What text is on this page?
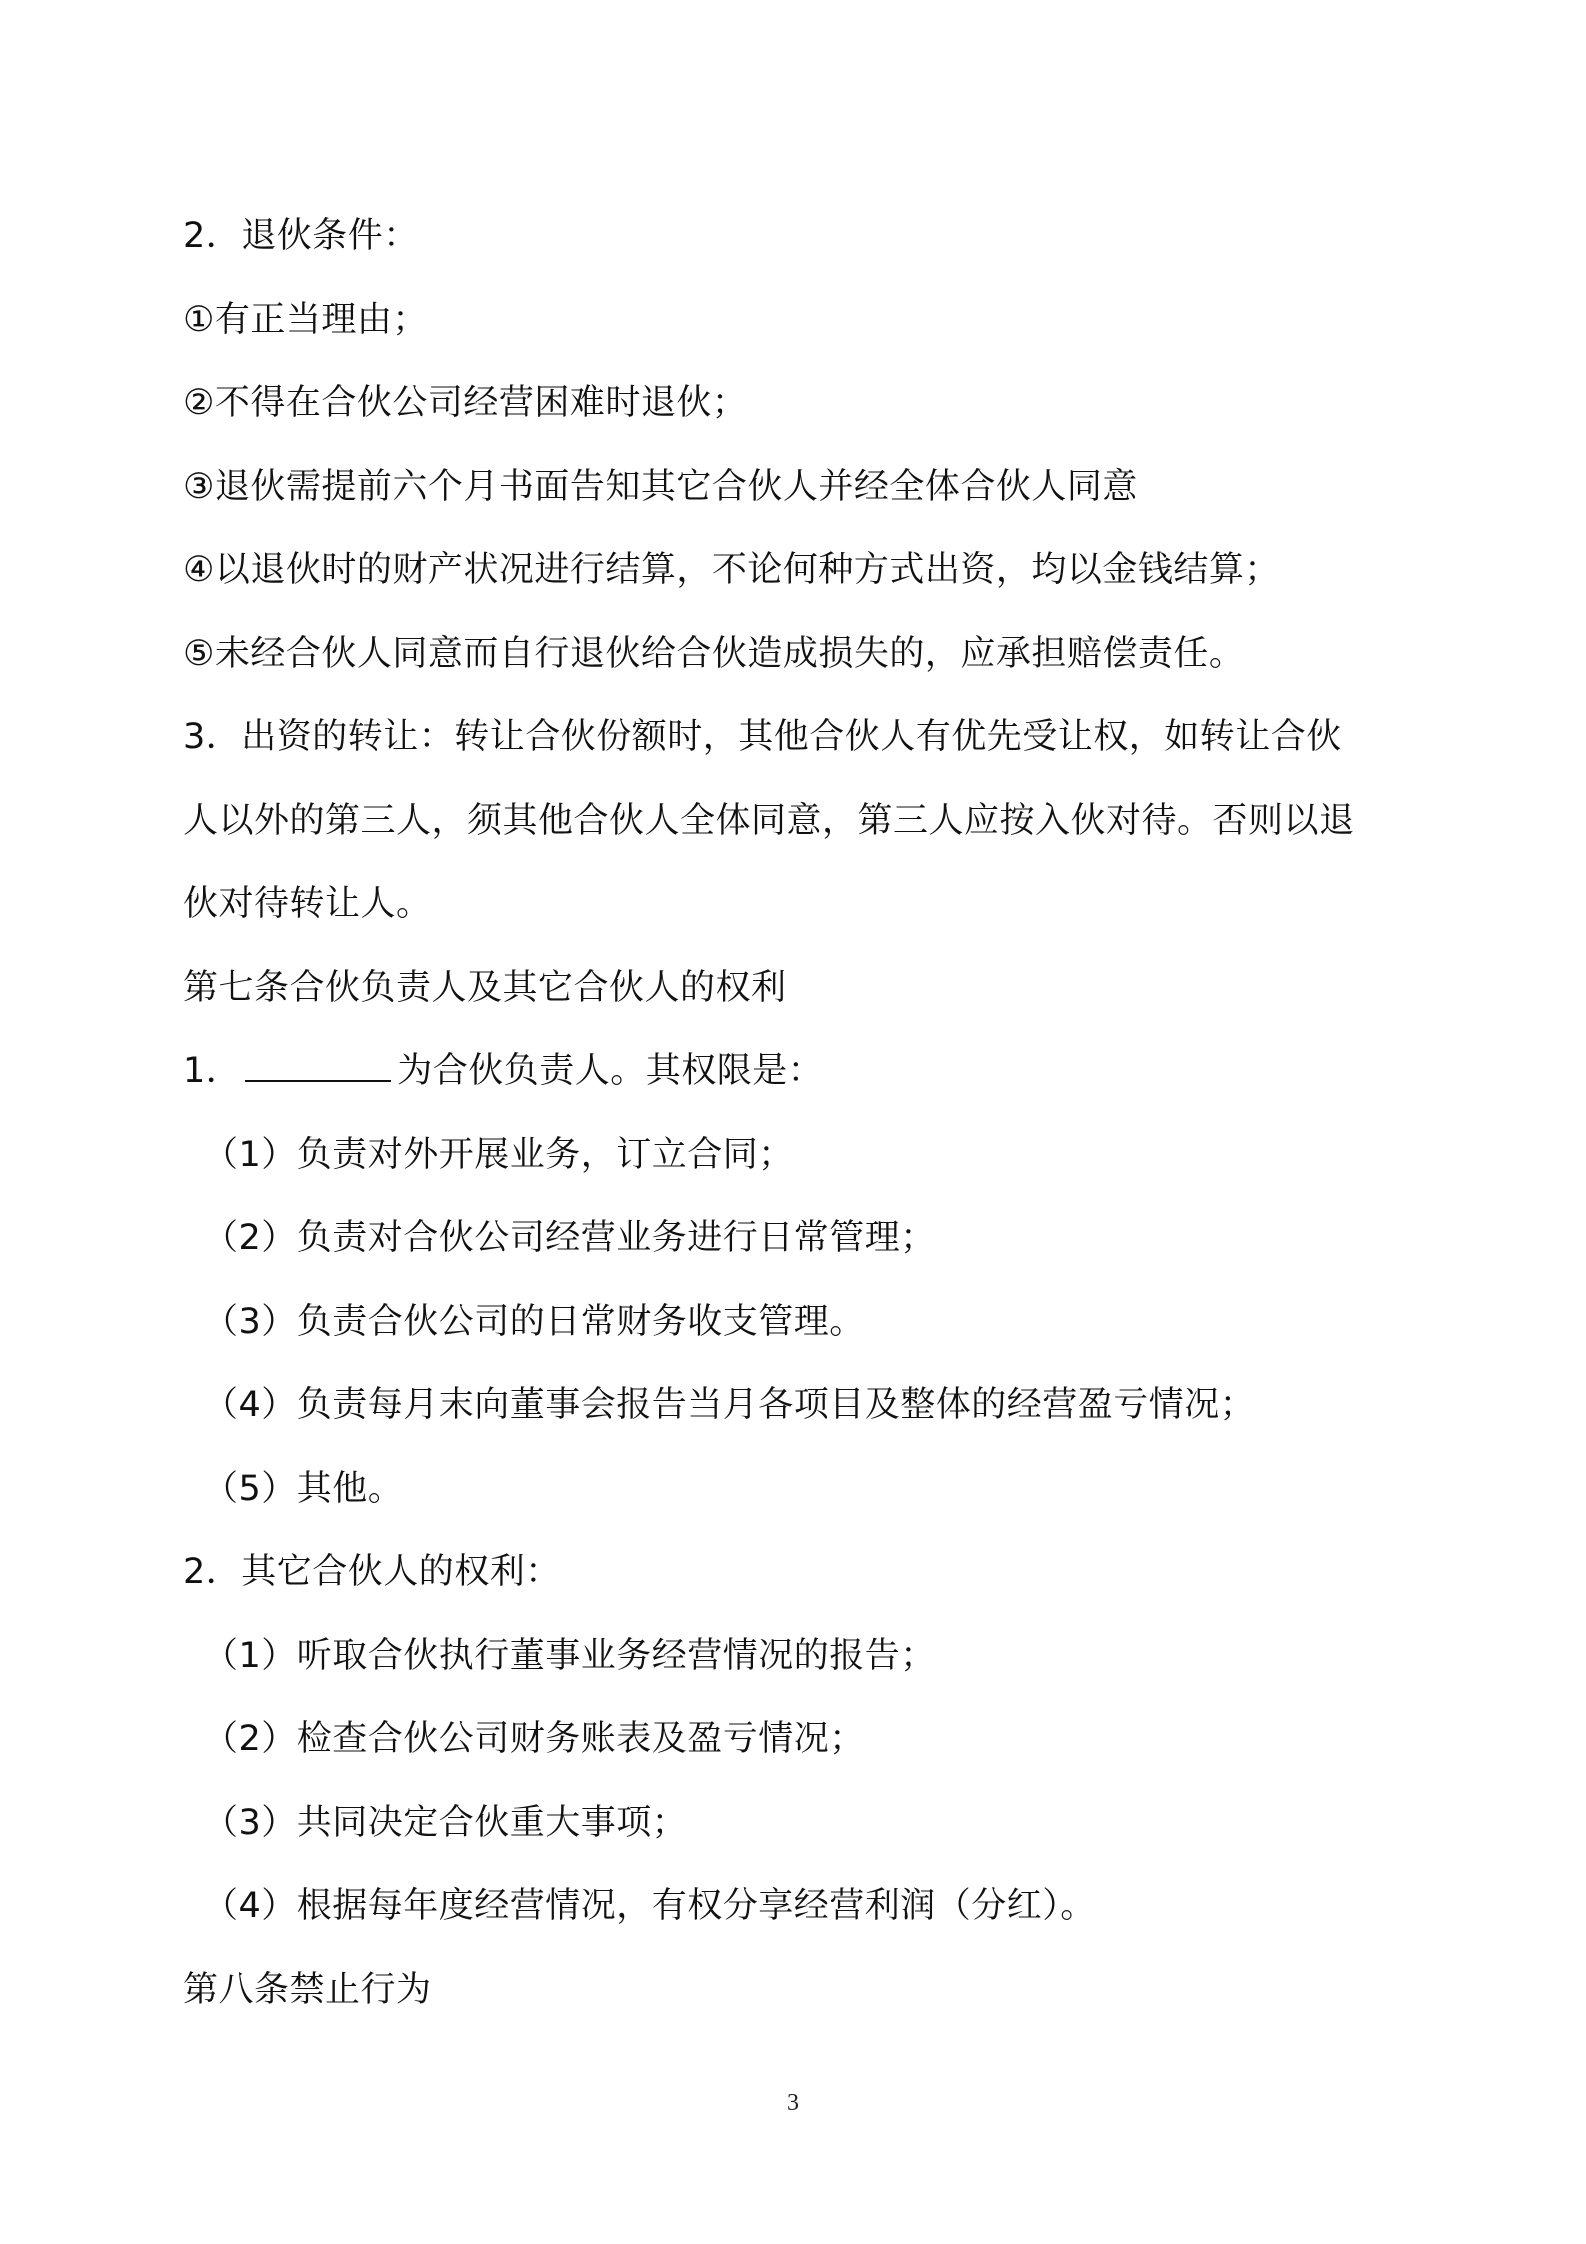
2．退伙条件：
①有正当理由；
②不得在合伙公司经营困难时退伙；
③退伙需提前六个月书面告知其它合伙人并经全体合伙人同意
④以退伙时的财产状况进行结算，不论何种方式出资，均以金钱结算；
⑤未经合伙人同意而自行退伙给合伙造成损失的，应承担赔偿责任。
3．出资的转让：转让合伙份额时，其他合伙人有优先受让权，如转让合伙
人以外的第三人，须其他合伙人全体同意，第三人应按入伙对待。否则以退
伙对待转让人。
第七条合伙负责人及其它合伙人的权利
1．	为合伙负责人。其权限是：
（1）负责对外开展业务，订立合同；
（2）负责对合伙公司经营业务进行日常管理；
（3）负责合伙公司的日常财务收支管理。
（4）负责每月末向董事会报告当月各项目及整体的经营盈亏情况；
（5）其他。
2．其它合伙人的权利：
（1）听取合伙执行董事业务经营情况的报告；
（2）检查合伙公司财务账表及盈亏情况；
（3）共同决定合伙重大事项；
（4）根据每年度经营情况，有权分享经营利润（分红）。
第八条禁止行为
3
